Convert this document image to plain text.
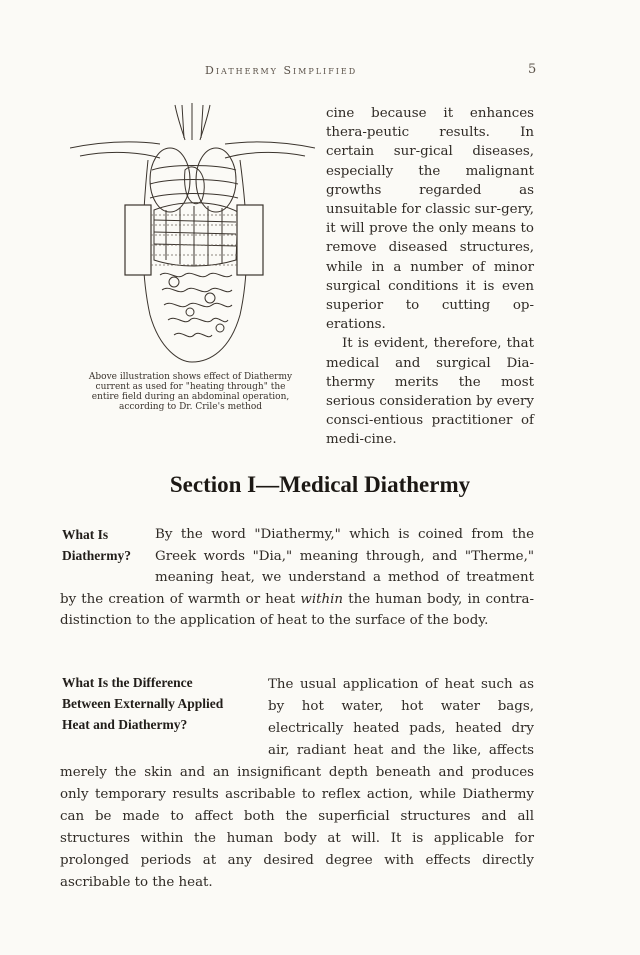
Diathermy Simplified	5
Above illustration shows effect of Diathermy
current as used for "heating through" the
entire field during an abdominal operation,
according to Dr. Crile's method

cine because it enhances thera-peutic results. In certain sur-gical diseases, especially the malignant growths regarded as unsuitable for classic sur-gery, it will prove the only means to remove diseased structures, while in a number of minor surgical conditions it is even superior to cutting op-erations.

It is evident, therefore, that medical and surgical Dia-thermy merits the most serious consideration by every consci-entious practitioner of medi-cine.

Section I—Medical Diathermy
What Is
Diathermy?

By the word "Diathermy," which is coined from the Greek words "Dia," meaning through, and "Therme," meaning heat, we understand a method of treatment by the creation of warmth or heat within the human body, in contra-distinction to the application of heat to the surface of the body.

What Is the Difference
Between Externally Applied
Heat and Diathermy?

The usual application of heat such as by hot water, hot water bags, electrically heated pads, heated dry air, radiant heat and the like, affects merely the skin and an insignificant depth beneath and produces only temporary results ascribable to reflex action, while Diathermy can be made to affect both the superficial structures and all structures within the human body at will. It is applicable for prolonged periods at any desired degree with effects directly ascribable to the heat.
